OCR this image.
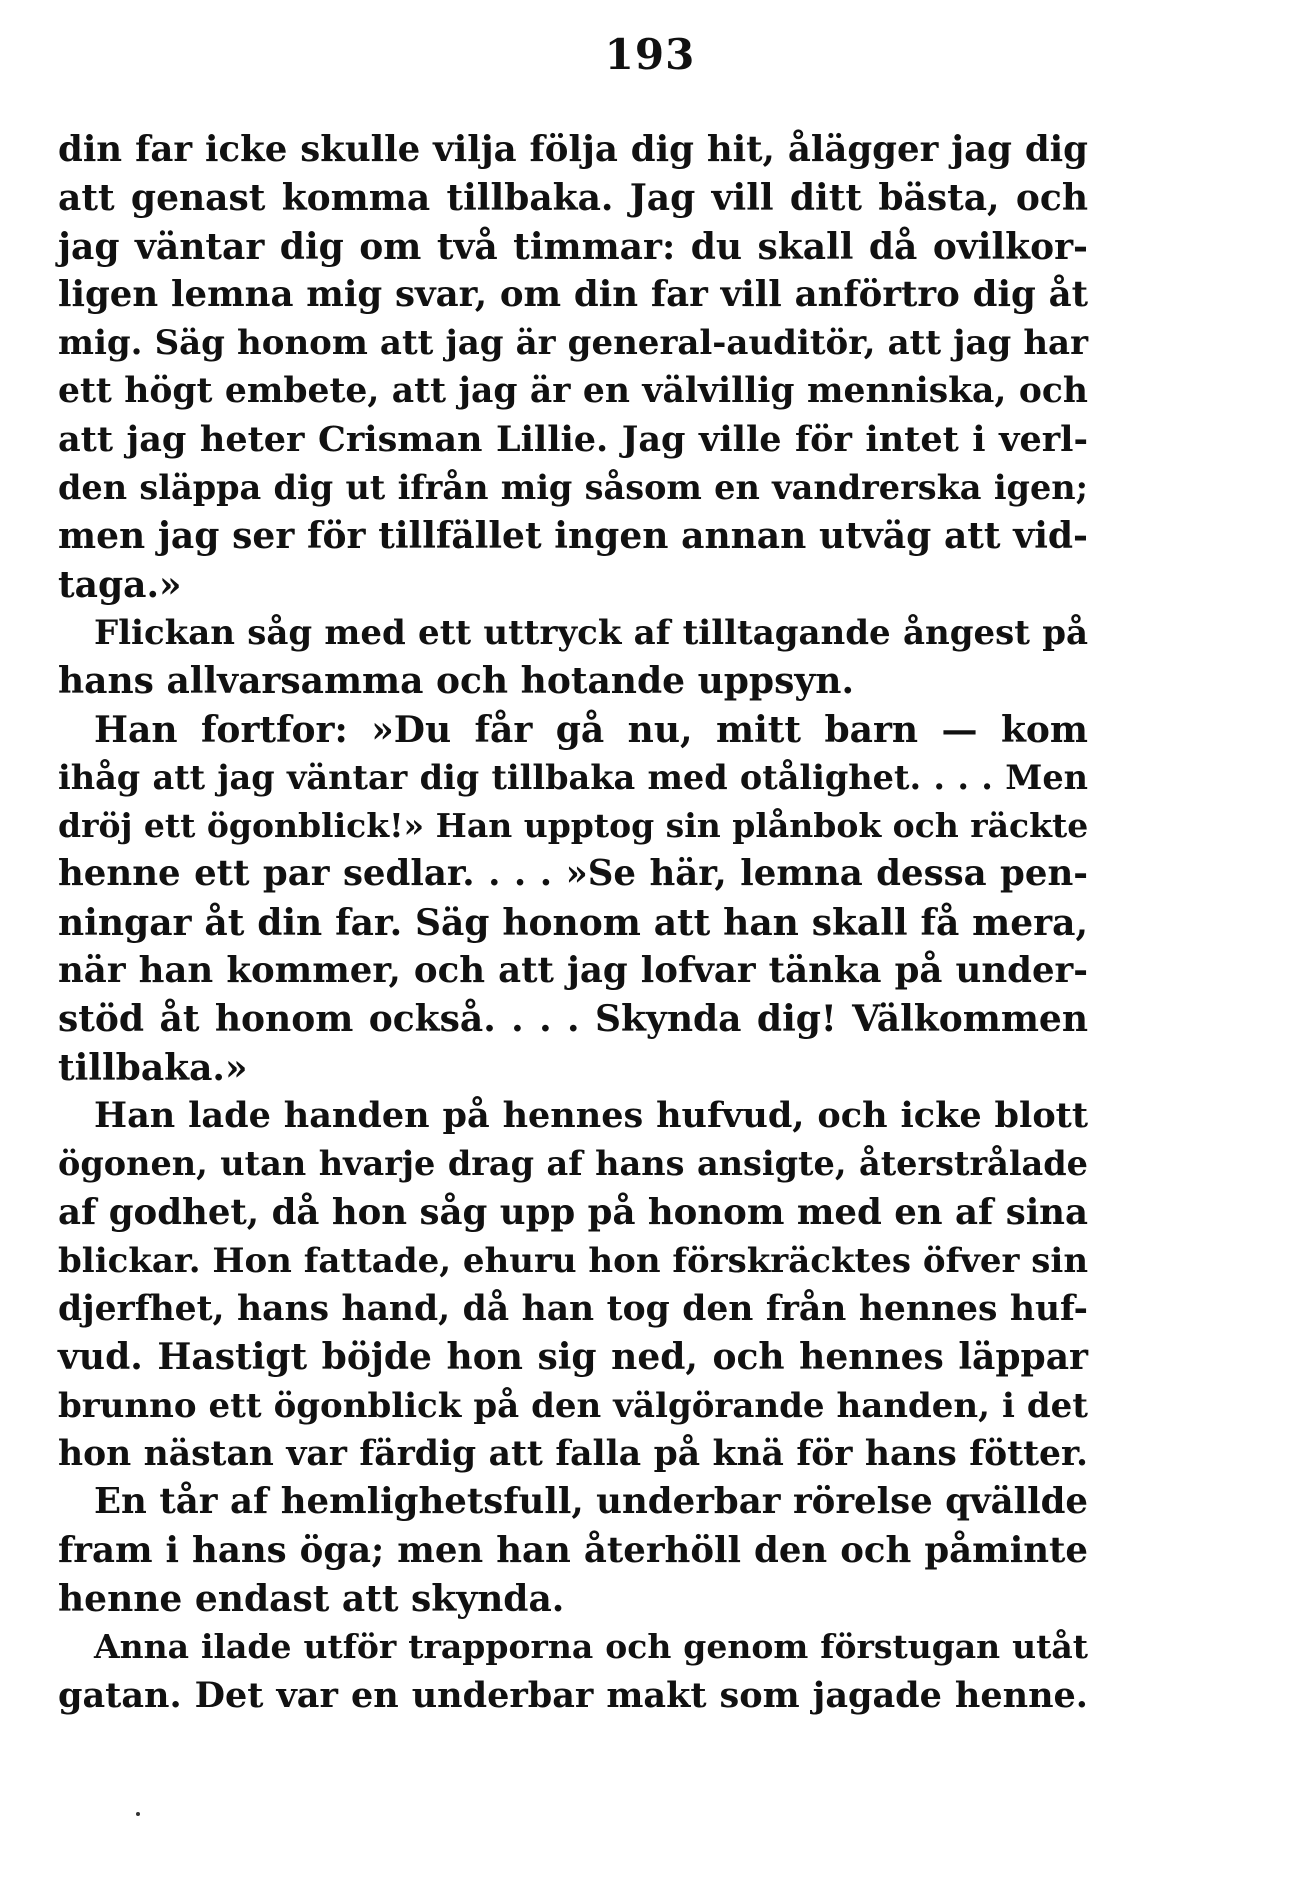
193
din far icke skulle vilja följa dig hit, ålägger jag dig
att genast komma tillbaka. Jag vill ditt bästa, och
jag väntar dig om två timmar: du skall då ovilkor-
ligen lemna mig svar, om din far vill anförtro dig åt
mig. Säg honom att jag är general-auditör, att jag har
ett högt embete, att jag är en välvillig menniska, och
att jag heter Crisman Lillie. Jag ville för intet i verl-
den släppa dig ut ifrån mig såsom en vandrerska igen;
men jag ser för tillfället ingen annan utväg att vid-
taga.»
Flickan såg med ett uttryck af tilltagande ångest på
hans allvarsamma och hotande uppsyn.
Han fortfor: »Du får gå nu, mitt barn — kom
ihåg att jag väntar dig tillbaka med otålighet. . . . Men
dröj ett ögonblick!» Han upptog sin plånbok och räckte
henne ett par sedlar. . . . »Se här, lemna dessa pen-
ningar åt din far. Säg honom att han skall få mera,
när han kommer, och att jag lofvar tänka på under-
stöd åt honom också. . . . Skynda dig! Välkommen
tillbaka.»
Han lade handen på hennes hufvud, och icke blott
ögonen, utan hvarje drag af hans ansigte, återstrålade
af godhet, då hon såg upp på honom med en af sina
blickar. Hon fattade, ehuru hon förskräcktes öfver sin
djerfhet, hans hand, då han tog den från hennes huf-
vud. Hastigt böjde hon sig ned, och hennes läppar
brunno ett ögonblick på den välgörande handen, i det
hon nästan var färdig att falla på knä för hans fötter.
En tår af hemlighetsfull, underbar rörelse qvällde
fram i hans öga; men han återhöll den och påminte
henne endast att skynda.
Anna ilade utför trapporna och genom förstugan utåt
gatan. Det var en underbar makt som jagade henne.
